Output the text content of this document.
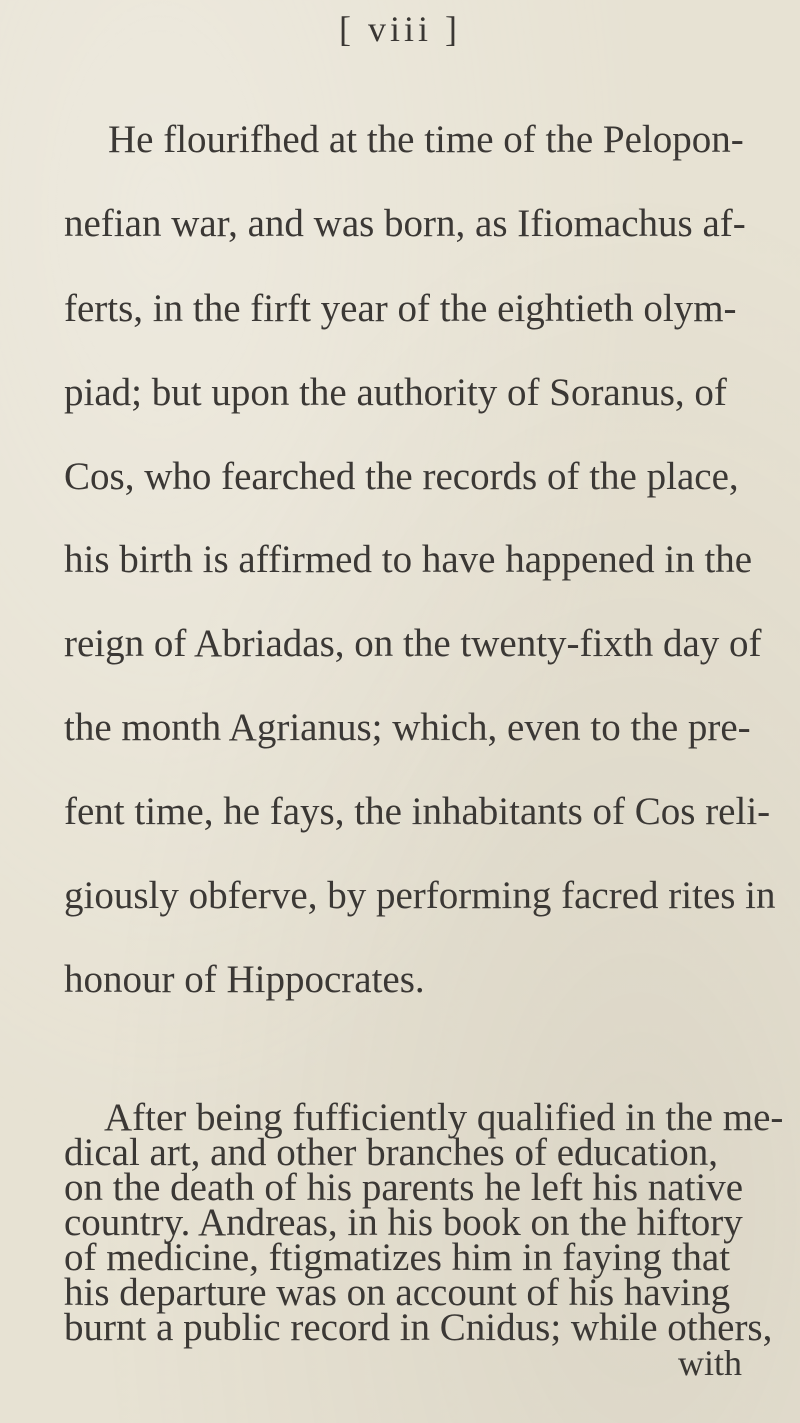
[ viii ]
He flourifhed at the time of the Pelopon-
nefian war, and was born, as Ifiomachus af-
ferts, in the firft year of the eightieth olym-
piad; but upon the authority of Soranus, of
Cos, who fearched the records of the place,
his birth is affirmed to have happened in the
reign of Abriadas, on the twenty-fixth day of
the month Agrianus; which, even to the pre-
fent time, he fays, the inhabitants of Cos reli-
giously obferve, by performing facred rites in
honour of Hippocrates.
After being fufficiently qualified in the me-
dical art, and other branches of education,
on the death of his parents he left his native
country. Andreas, in his book on the hiftory
of medicine, ftigmatizes him in faying that
his departure was on account of his having
burnt a public record in Cnidus; while others,
with
